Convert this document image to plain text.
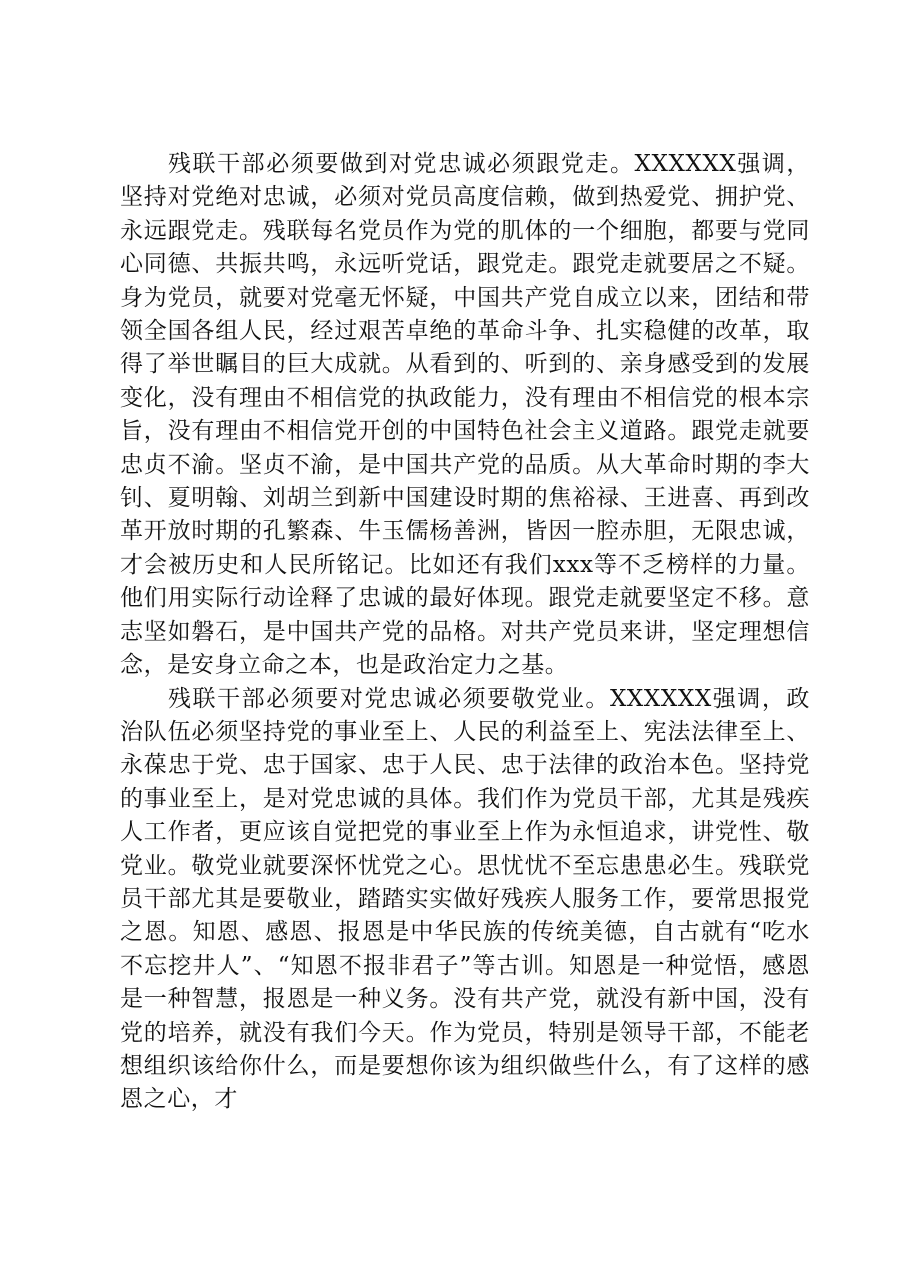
残联干部必须要做到对党忠诚必须跟党走。XXXXXX强调，坚持对党绝对忠诚，必须对党员高度信赖，做到热爱党、拥护党、永远跟党走。残联每名党员作为党的肌体的一个细胞，都要与党同心同德、共振共鸣，永远听党话，跟党走。跟党走就要居之不疑。身为党员，就要对党毫无怀疑，中国共产党自成立以来，团结和带领全国各组人民，经过艰苦卓绝的革命斗争、扎实稳健的改革，取得了举世瞩目的巨大成就。从看到的、听到的、亲身感受到的发展变化，没有理由不相信党的执政能力，没有理由不相信党的根本宗旨，没有理由不相信党开创的中国特色社会主义道路。跟党走就要忠贞不渝。坚贞不渝，是中国共产党的品质。从大革命时期的李大钊、夏明翰、刘胡兰到新中国建设时期的焦裕禄、王进喜、再到改革开放时期的孔繁森、牛玉儒杨善洲，皆因一腔赤胆，无限忠诚，才会被历史和人民所铭记。比如还有我们xxx等不乏榜样的力量。他们用实际行动诠释了忠诚的最好体现。跟党走就要坚定不移。意志坚如磐石，是中国共产党的品格。对共产党员来讲，坚定理想信念，是安身立命之本，也是政治定力之基。

残联干部必须要对党忠诚必须要敬党业。XXXXXX强调，政治队伍必须坚持党的事业至上、人民的利益至上、宪法法律至上、永葆忠于党、忠于国家、忠于人民、忠于法律的政治本色。坚持党的事业至上，是对党忠诚的具体。我们作为党员干部，尤其是残疾人工作者，更应该自觉把党的事业至上作为永恒追求，讲党性、敬党业。敬党业就要深怀忧党之心。思忧忧不至忘患患必生。残联党员干部尤其是要敬业，踏踏实实做好残疾人服务工作，要常思报党之恩。知恩、感恩、报恩是中华民族的传统美德，自古就有“吃水不忘挖井人”、“知恩不报非君子”等古训。知恩是一种觉悟，感恩是一种智慧，报恩是一种义务。没有共产党，就没有新中国，没有党的培养，就没有我们今天。作为党员，特别是领导干部，不能老想组织该给你什么，而是要想你该为组织做些什么，有了这样的感恩之心，才
